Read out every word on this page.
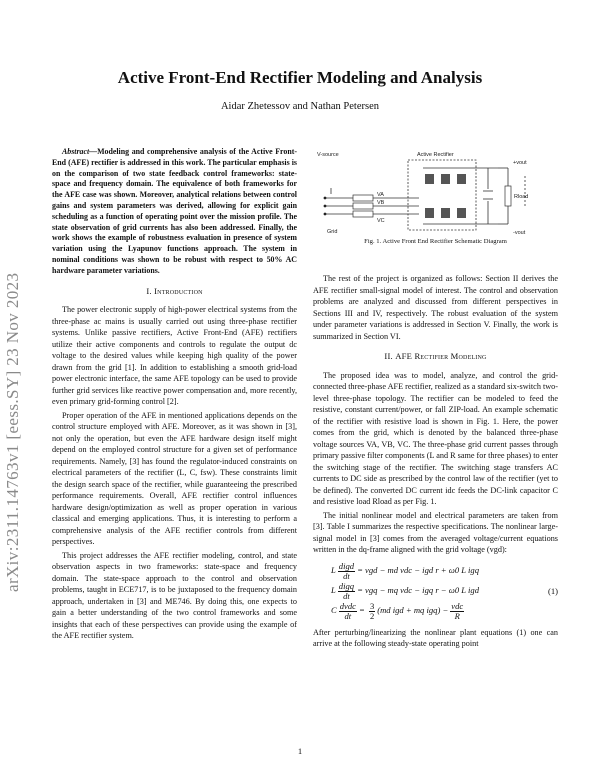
arXiv:2311.14763v1 [eess.SY] 23 Nov 2023
Active Front-End Rectifier Modeling and Analysis
Aidar Zhetessov and Nathan Petersen

Abstract—Modeling and comprehensive analysis of the Active Front-End (AFE) rectifier is addressed in this work. The particular emphasis is on the comparison of two state feedback control frameworks: state-space and frequency domain. The equivalence of both frameworks for the AFE case was shown. Moreover, analytical relations between control gains and system parameters was derived, allowing for explicit gain scheduling as a function of operating point over the mission profile. The state observation of grid currents has also been addressed. Finally, the work shows the example of robustness evaluation in presence of system variation using the Lyapunov functions approach. The system in nominal conditions was shown to be robust with respect to 50% AC hardware parameter variations.

I. Introduction

The power electronic supply of high-power electrical systems from the three-phase ac mains is usually carried out using three-phase rectifier systems. Unlike passive rectifiers, Active Front-End (AFE) rectifiers utilize their active components and controls to regulate the output dc voltage to the desired values while keeping high quality of the power drawn from the grid [1]. In addition to establishing a smooth grid-load power electronic interface, the same AFE topology can be used to provide further grid services like reactive power compensation and, more recently, even primary grid-forming control [2].

Proper operation of the AFE in mentioned applications depends on the control structure employed with AFE. Moreover, as it was shown in [3], not only the operation, but even the AFE hardware design itself might depend on the employed control structure for a given set of performance requirements. Namely, [3] has found the regulator-induced constraints on electrical parameters of the rectifier (L, C, fsw). These constraints limit the design search space of the rectifier, while guaranteeing the prescribed performance requirements. Overall, AFE rectifier control influences hardware design/optimization as well as proper operation in various classical and emerging applications. Thus, it is interesting to perform a comprehensive analysis of the AFE rectifier controls from different perspectives.

This project addresses the AFE rectifier modeling, control, and state observation aspects in two frameworks: state-space and frequency domain. The state-space approach to the control and observation problems, taught in ECE717, is to be juxtaposed to the frequency domain approach, undertaken in [3] and ME746. By doing this, one expects to gain a better understanding of the two control frameworks and some insights that each of these perspectives can provide using the example of the AFE rectifier system.

V-source
Grid
Active Rectifier
+vout
Rload
-vout
VA
VB
VC
Fig. 1. Active Front End Rectifier Schematic Diagram

The rest of the project is organized as follows: Section II derives the AFE rectifier small-signal model of interest. The control and observation problems are analyzed and discussed from different perspectives in Sections III and IV, respectively. The robust evaluation of the system under parameter variations is addressed in Section V. Finally, the work is summarized in Section VI.

II. AFE Rectifier Modeling

The proposed idea was to model, analyze, and control the grid-connected three-phase AFE rectifier, realized as a standard six-switch two-level three-phase topology. The rectifier can be modeled to feed the resistive, constant current/power, or fall ZIP-load. An example schematic of the rectifier with resistive load is shown in Fig. 1. Here, the power comes from the grid, which is denoted by the balanced three-phase voltage sources VA, VB, VC. The three-phase grid current passes through primary passive filter components (L and R same for three phases) to enter the switching stage of the rectifier. The switching stage transfers AC currents to DC side as prescribed by the control law of the rectifier (yet to be defined). The converted DC current idc feeds the DC-link capacitor C and resistive load Rload as per Fig. 1.

The initial nonlinear model and electrical parameters are taken from [3]. Table I summarizes the respective specifications. The nonlinear large-signal model in [3] comes from the averaged voltage/current equations written in the dq-frame aligned with the grid voltage (vgd):

L $\frac{\text{digd}}{dt}$ = vgd − md vdc − igd r + ω0 L igq
L $\frac{\text{digq}}{dt}$ = vgq − mq vdc − igq r − ω0 L igd
C $\frac{\text{dvdc}}{dt}$ =
$\frac{3}{2} (md$ igd + mq $igq) - \frac{\text{vdc}}{R}$
(1)

After perturbing/linearizing the nonlinear plant equations (1) one can arrive at the following steady-state operating point

1
